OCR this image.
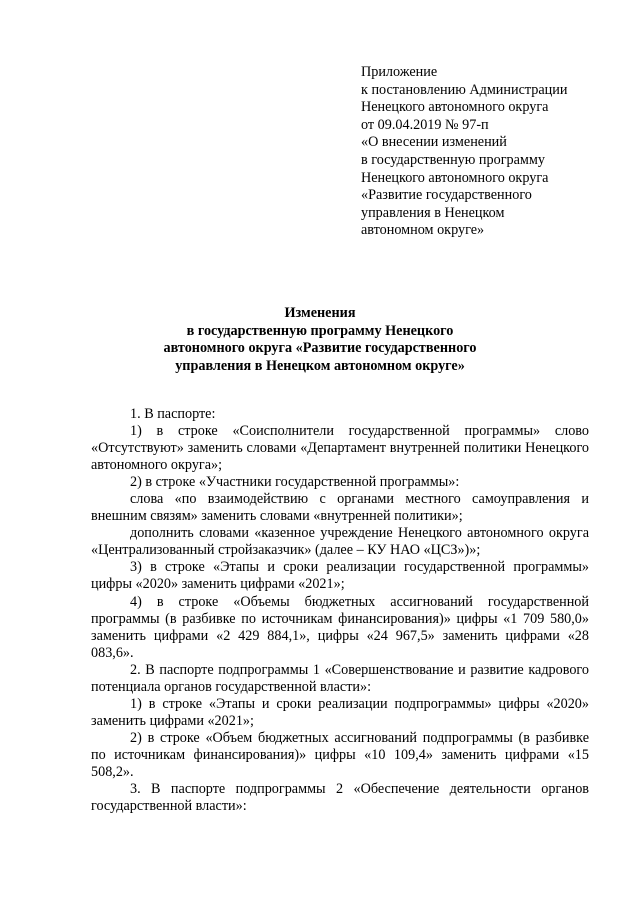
Приложение
к постановлению Администрации
Ненецкого автономного округа
от 09.04.2019 № 97-п
«О внесении изменений
в государственную программу
Ненецкого автономного округа
«Развитие государственного
управления в Ненецком
автономном округе»
Изменения
в государственную программу Ненецкого
автономного округа «Развитие государственного
управления в Ненецком автономном округе»

1. В паспорте:

1) в строке «Соисполнители государственной программы» слово «Отсутствуют» заменить словами «Департамент внутренней политики Ненецкого автономного округа»;

2) в строке «Участники государственной программы»:

слова «по взаимодействию с органами местного самоуправления и внешним связям» заменить словами «внутренней политики»;

дополнить словами «казенное учреждение Ненецкого автономного округа «Централизованный стройзаказчик» (далее – КУ НАО «ЦСЗ»)»;

3) в строке «Этапы и сроки реализации государственной программы» цифры «2020» заменить цифрами «2021»;

4) в строке «Объемы бюджетных ассигнований государственной программы (в разбивке по источникам финансирования)» цифры «1 709 580,0» заменить цифрами «2 429 884,1», цифры «24 967,5» заменить цифрами «28 083,6».

2. В паспорте подпрограммы 1 «Совершенствование и развитие кадрового потенциала органов государственной власти»:

1) в строке «Этапы и сроки реализации подпрограммы» цифры «2020» заменить цифрами «2021»;

2) в строке «Объем бюджетных ассигнований подпрограммы (в разбивке по источникам финансирования)» цифры «10 109,4» заменить цифрами «15 508,2».

3. В паспорте подпрограммы 2 «Обеспечение деятельности органов государственной власти»:
